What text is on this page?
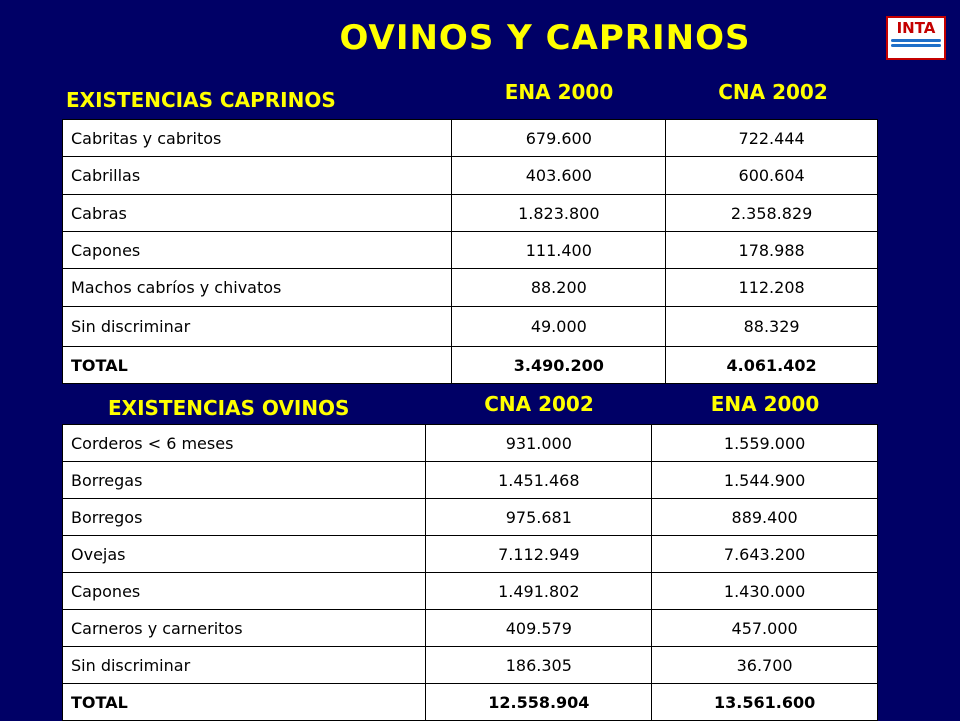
OVINOS Y CAPRINOS	INTA
EXISTENCIAS CAPRINOS	ENA 2000	CNA 2002
Cabritas y cabritos	679.600	722.444
Cabrillas	403.600	600.604
Cabras	1.823.800	2.358.829
Capones	111.400	178.988
Machos cabríos y chivatos	88.200	112.208
Sin discriminar	49.000	88.329
TOTAL	3.490.200	4.061.402
EXISTENCIAS OVINOS	CNA 2002	ENA 2000
Corderos < 6 meses	931.000	1.559.000
Borregas	1.451.468	1.544.900
Borregos	975.681	889.400
Ovejas	7.112.949	7.643.200
Capones	1.491.802	1.430.000
Carneros y carneritos	409.579	457.000
Sin discriminar	186.305	36.700
TOTAL	12.558.904	13.561.600
